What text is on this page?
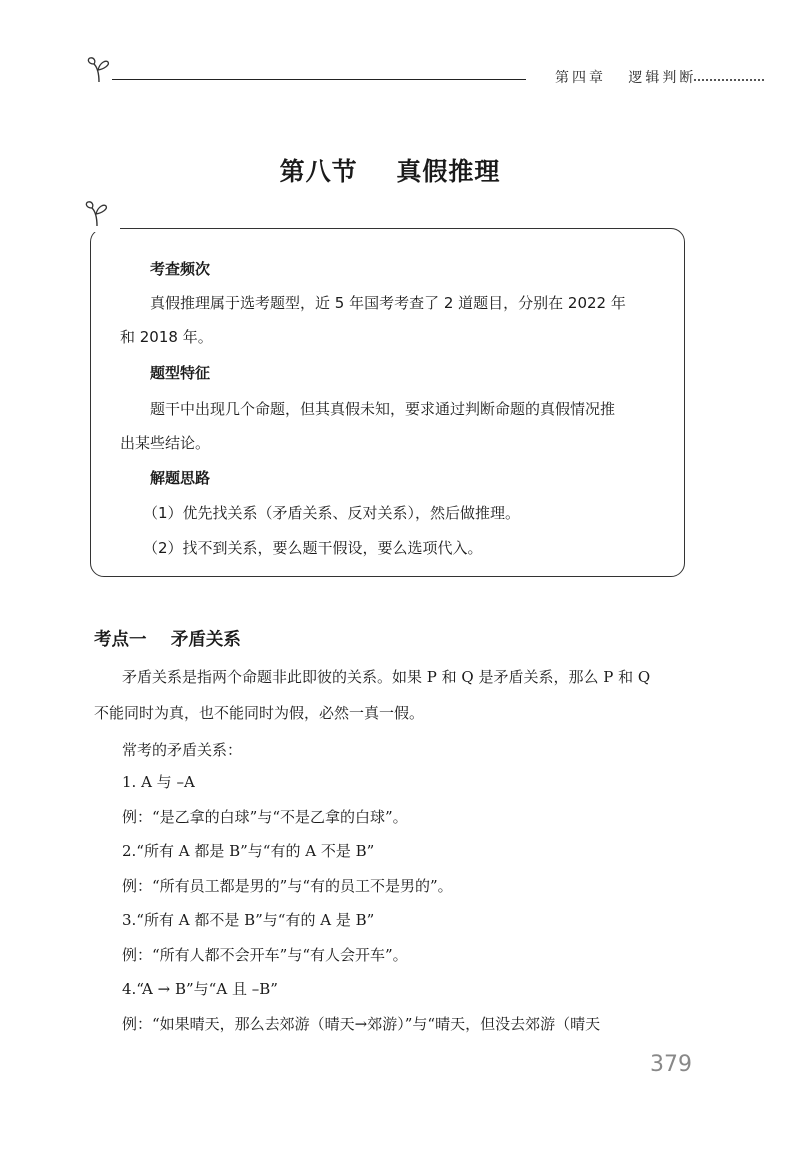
第四章   逻辑判断
第八节    真假推理
考查频次
真假推理属于选考题型，近 5 年国考考查了 2 道题目，分别在 2022 年
和 2018 年。
题型特征
题干中出现几个命题，但其真假未知，要求通过判断命题的真假情况推
出某些结论。
解题思路
（1）优先找关系（矛盾关系、反对关系），然后做推理。
（2）找不到关系，要么题干假设，要么选项代入。
考点一    矛盾关系
矛盾关系是指两个命题非此即彼的关系。如果 P 和 Q 是矛盾关系，那么 P 和 Q
不能同时为真，也不能同时为假，必然一真一假。
常考的矛盾关系：
1. A 与 –A
例：“是乙拿的白球”与“不是乙拿的白球”。
2.“所有 A 都是 B”与“有的 A 不是 B”
例：“所有员工都是男的”与“有的员工不是男的”。
3.“所有 A 都不是 B”与“有的 A 是 B”
例：“所有人都不会开车”与“有人会开车”。
4.“A → B”与“A 且 –B”
例：“如果晴天，那么去郊游（晴天→郊游）”与“晴天，但没去郊游（晴天
379
